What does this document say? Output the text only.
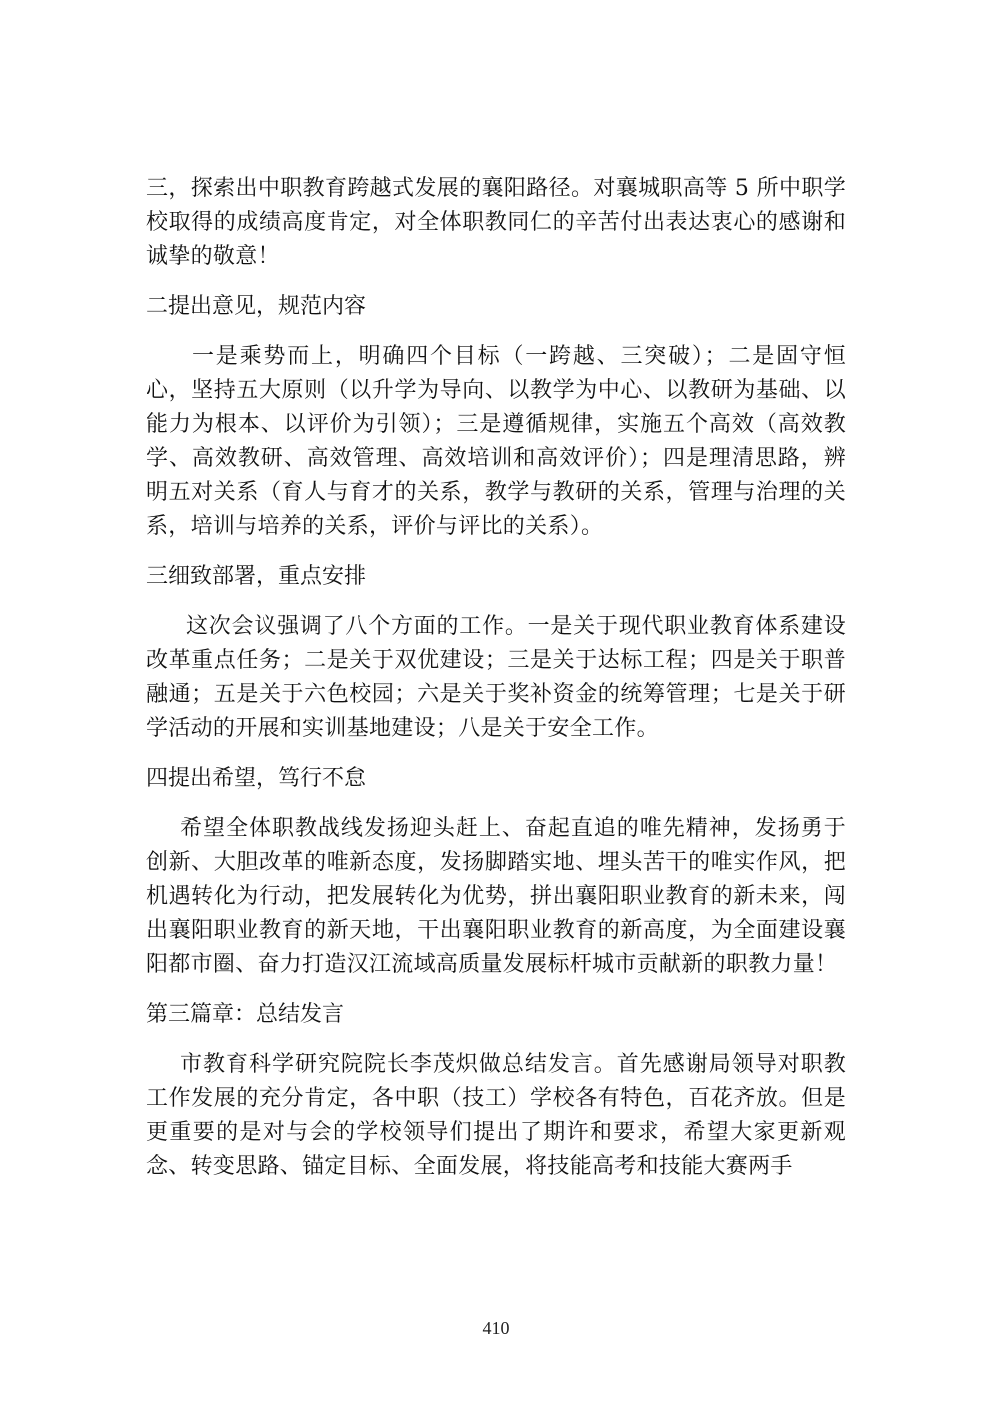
三，探索出中职教育跨越式发展的襄阳路径。对襄城职高等 5 所中职学校取得的成绩高度肯定，对全体职教同仁的辛苦付出表达衷心的感谢和诚挚的敬意！

二提出意见，规范内容

一是乘势而上，明确四个目标（一跨越、三突破）；二是固守恒心，坚持五大原则（以升学为导向、以教学为中心、以教研为基础、以能力为根本、以评价为引领）；三是遵循规律，实施五个高效（高效教学、高效教研、高效管理、高效培训和高效评价）；四是理清思路，辨明五对关系（育人与育才的关系，教学与教研的关系，管理与治理的关系，培训与培养的关系，评价与评比的关系）。

三细致部署，重点安排

这次会议强调了八个方面的工作。一是关于现代职业教育体系建设改革重点任务；二是关于双优建设；三是关于达标工程；四是关于职普融通；五是关于六色校园；六是关于奖补资金的统筹管理；七是关于研学活动的开展和实训基地建设；八是关于安全工作。

四提出希望，笃行不怠

希望全体职教战线发扬迎头赶上、奋起直追的唯先精神，发扬勇于创新、大胆改革的唯新态度，发扬脚踏实地、埋头苦干的唯实作风，把机遇转化为行动，把发展转化为优势，拼出襄阳职业教育的新未来，闯出襄阳职业教育的新天地，干出襄阳职业教育的新高度，为全面建设襄阳都市圈、奋力打造汉江流域高质量发展标杆城市贡献新的职教力量！

第三篇章：总结发言

市教育科学研究院院长李茂炽做总结发言。首先感谢局领导对职教工作发展的充分肯定，各中职（技工）学校各有特色，百花齐放。但是更重要的是对与会的学校领导们提出了期许和要求，希望大家更新观念、转变思路、锚定目标、全面发展，将技能高考和技能大赛两手

410
